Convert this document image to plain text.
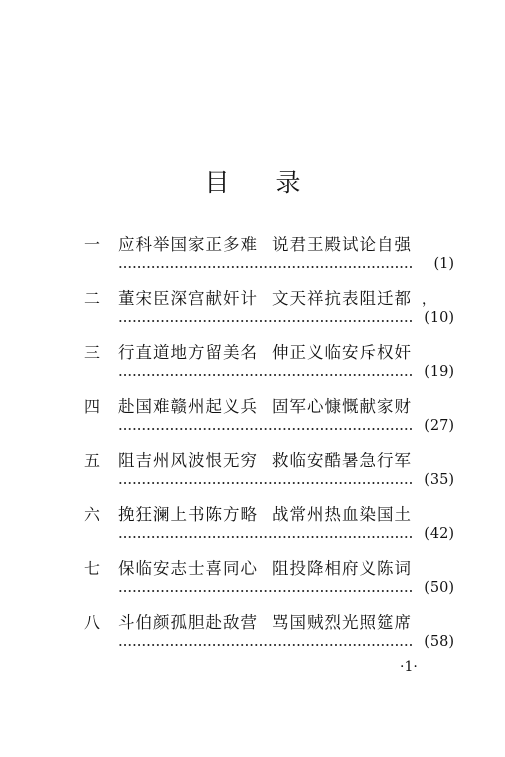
目 录
一 应科举国家正多难 说君王殿试论自强
(1)
二 董宋臣深宫献奸计 文天祥抗表阻迁都 ，
(10)
三 行直道地方留美名 伸正义临安斥权奸
(19)
四 赴国难赣州起义兵 固军心慷慨献家财
(27)
五 阻吉州风波恨无穷 救临安酷暑急行军
(35)
六 挽狂澜上书陈方略 战常州热血染国土
(42)
七 保临安志士喜同心 阻投降相府义陈词
(50)
八 斗伯颜孤胆赴敌营 骂国贼烈光照筵席
(58)
·1·
